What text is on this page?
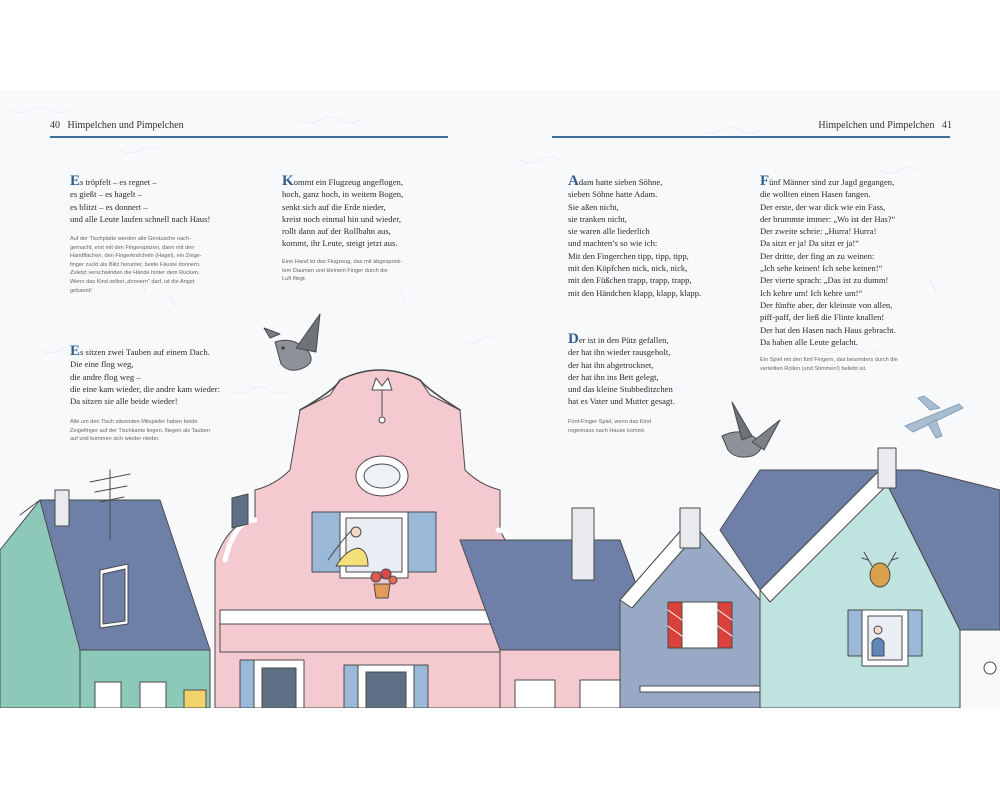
40 Himpelchen und Pimpelchen
Es tröpfelt – es regnet –
es gießt – es hagelt –
es blitzt – es donnert –
und alle Leute laufen schnell nach Haus!
Auf der Tischplatte werden alle Geräusche nach-
gemacht, erst mit den Fingerspitzen, dann mit den
Handflächen, den Fingerknöcheln (Hagel), ein Zeige-
finger zuckt als Blitz herunter, beide Fäuste donnern.
Zuletzt verschwinden die Hände hinter dem Rücken.
Wenn das Kind selbst „donnern“ darf, ist die Angst
gebannt!
Kommt ein Flugzeug angeflogen,
hoch, ganz hoch, in weitem Bogen,
senkt sich auf die Erde nieder,
kreist noch einmal hin und wieder,
rollt dann auf der Rollbahn aus,
kommt, ihr Leute, steigt jetzt aus.
Eine Hand ist das Flugzeug, das mit abgespreiz-
tem Daumen und kleinem Finger durch die
Luft fliegt.
Es sitzen zwei Tauben auf einem Dach.
Die eine flog weg,
die andre flog weg –
die eine kam wieder, die andre kam wieder:
Da sitzen sie alle beide wieder!
Alle um den Tisch sitzenden Mitspieler haben beide
Zeigefinger auf der Tischkante liegen, fliegen als Tauben
auf und kommen sich wieder nieder.
Himpelchen und Pimpelchen 41
Adam hatte sieben Söhne,
sieben Söhne hatte Adam.
Sie aßen nicht,
sie tranken nicht,
sie waren alle liederlich
und machten’s so wie ich:
Mit den Fingerchen tipp, tipp, tipp,
mit den Köpfchen nick, nick, nick,
mit den Füßchen trapp, trapp, trapp,
mit den Händchen klapp, klapp, klapp.
Fünf Männer sind zur Jagd gegangen,
die wollten einen Hasen fangen.
Der erste, der war dick wie ein Fass,
der brummte immer: „Wo ist der Has?“
Der zweite schrie: „Hurra! Hurra!
Da sitzt er ja! Da sitzt er ja!“
Der dritte, der fing an zu weinen:
„Ich sehe keinen! Ich sehe keinen!“
Der vierte sprach: „Das ist zu dumm!
Ich kehre um! Ich kehre um!“
Der fünfte aber, der kleinste von allen,
piff-paff, der ließ die Flinte knallen!
Der hat den Hasen nach Haus gebracht.
Da haben alle Leute gelacht.
Ein Spiel mit den fünf Fingern, das besonders durch die
verteilten Rollen (und Stimmen!) beliebt ist.
Der ist in den Pütz gefallen,
der hat ihn wieder rausgeholt,
der hat ihn abgetrocknet,
der hat ihn ins Bett gelegt,
und das kleine Stubbeditzchen
hat es Vater und Mutter gesagt.
Fünf-Finger-Spiel, wenn das Kind
regennass nach Hause kommt.
